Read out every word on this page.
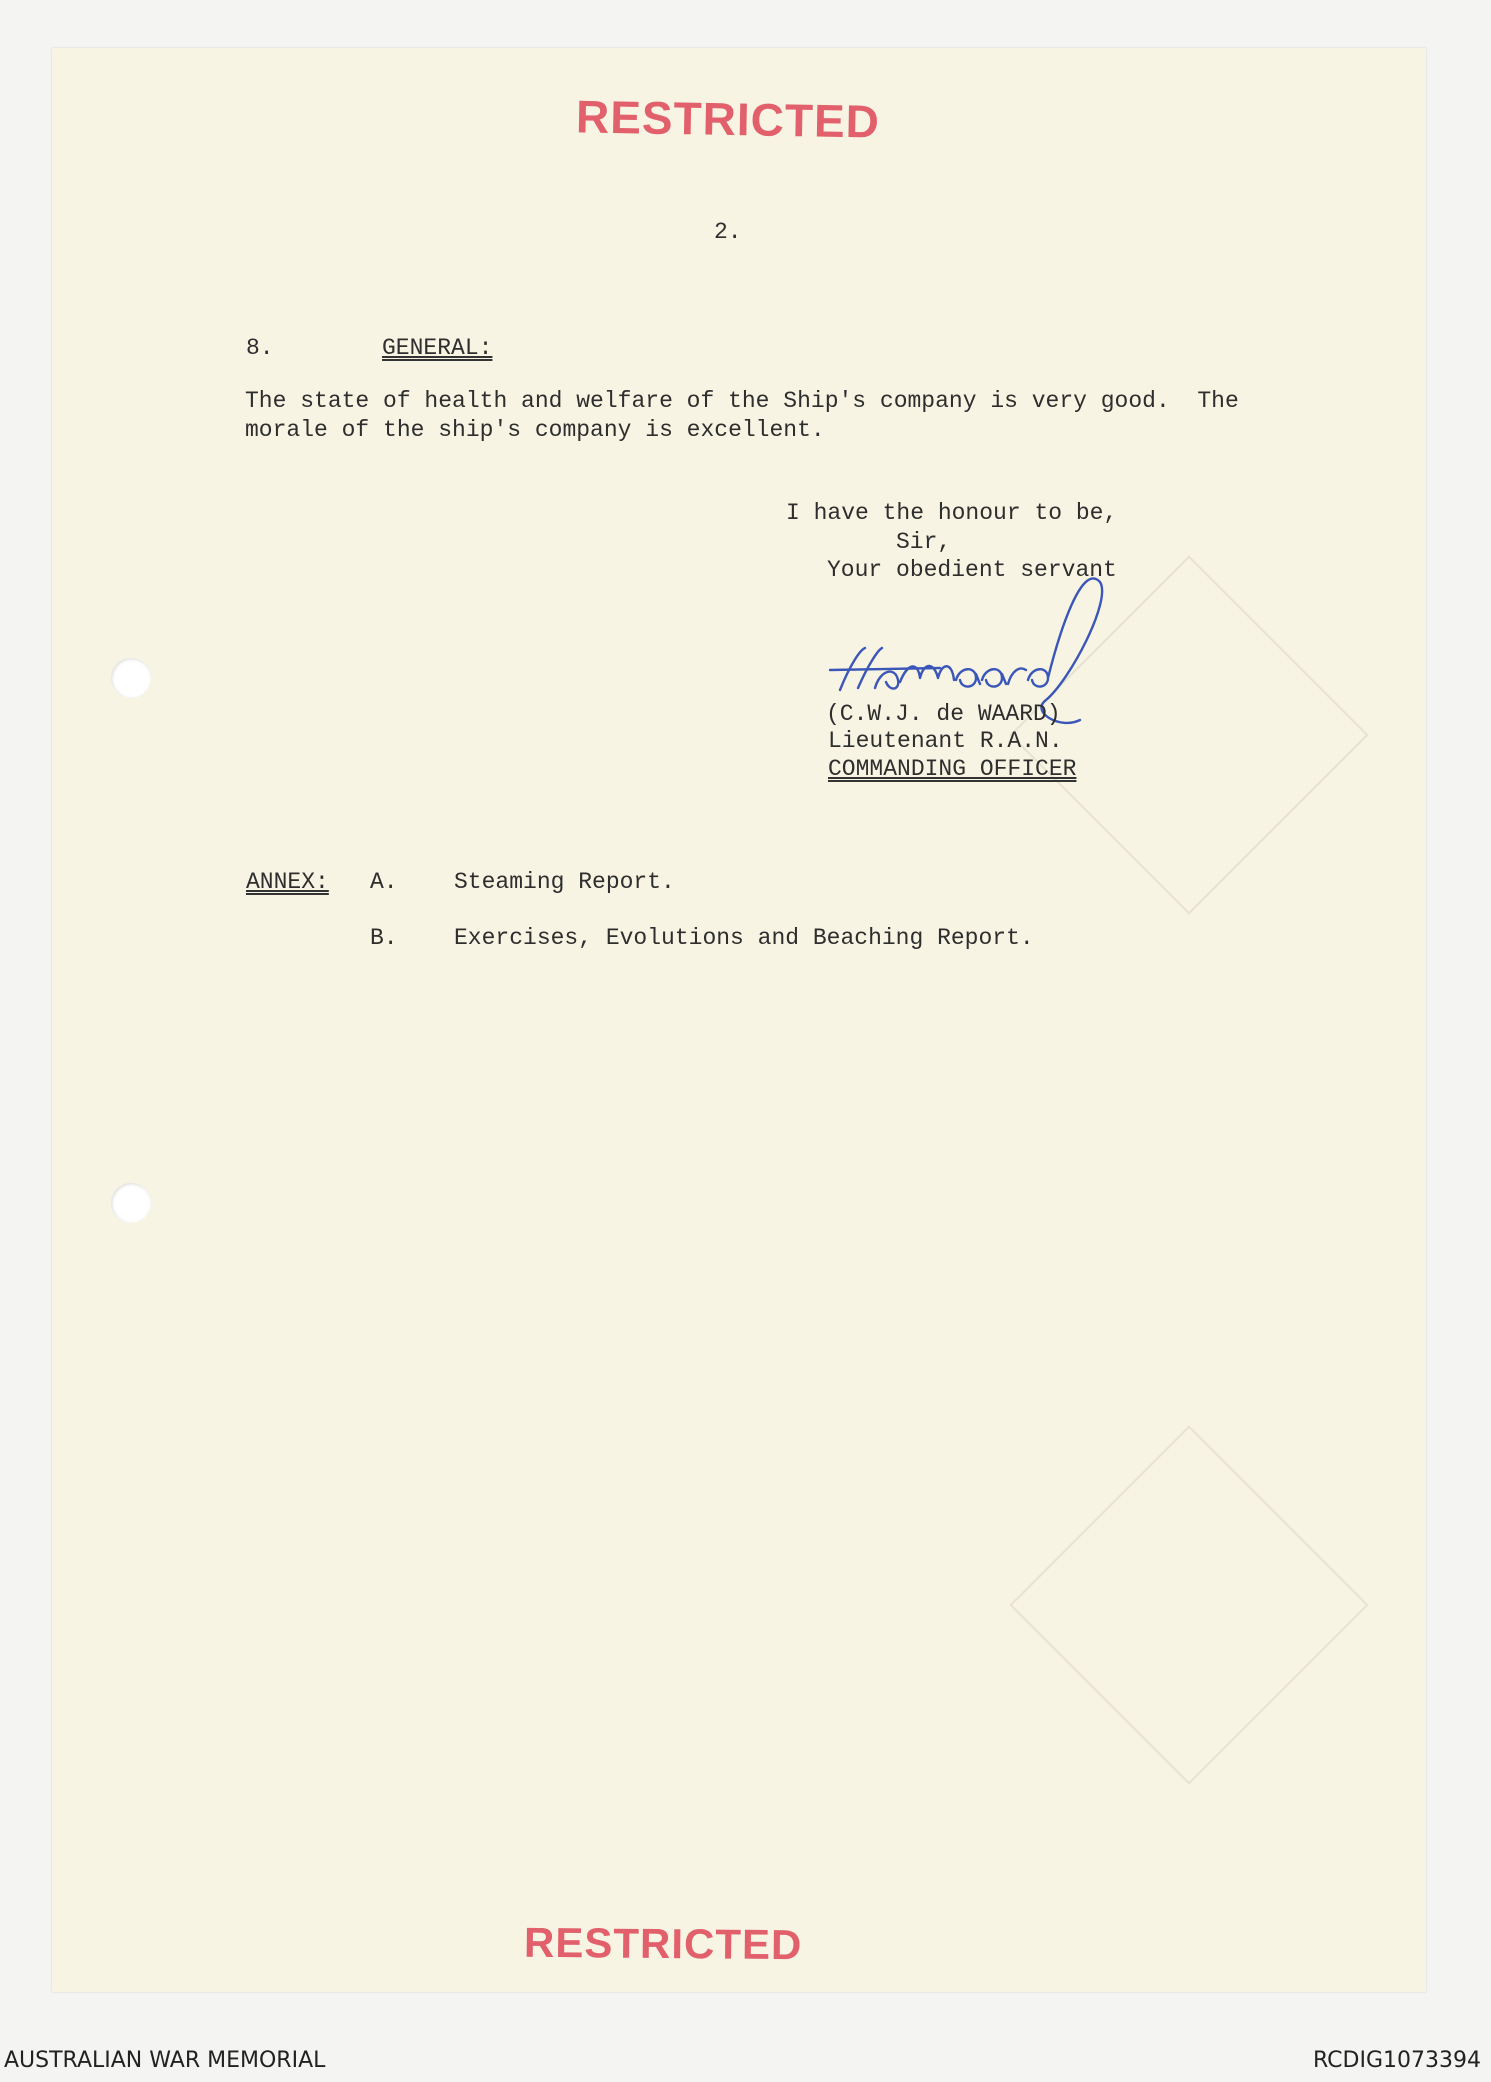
RESTRICTED
2.
8.	GENERAL:
The state of health and welfare of the Ship's company is very good.  The
morale of the ship's company is excellent.
I have the honour to be,
Sir,
Your obedient servant
(C.W.J. de WAARD)
Lieutenant R.A.N.
COMMANDING OFFICER
ANNEX: A. Steaming Report.
B. Exercises, Evolutions and Beaching Report.
RESTRICTED
AUSTRALIAN WAR MEMORIAL	RCDIG1073394
